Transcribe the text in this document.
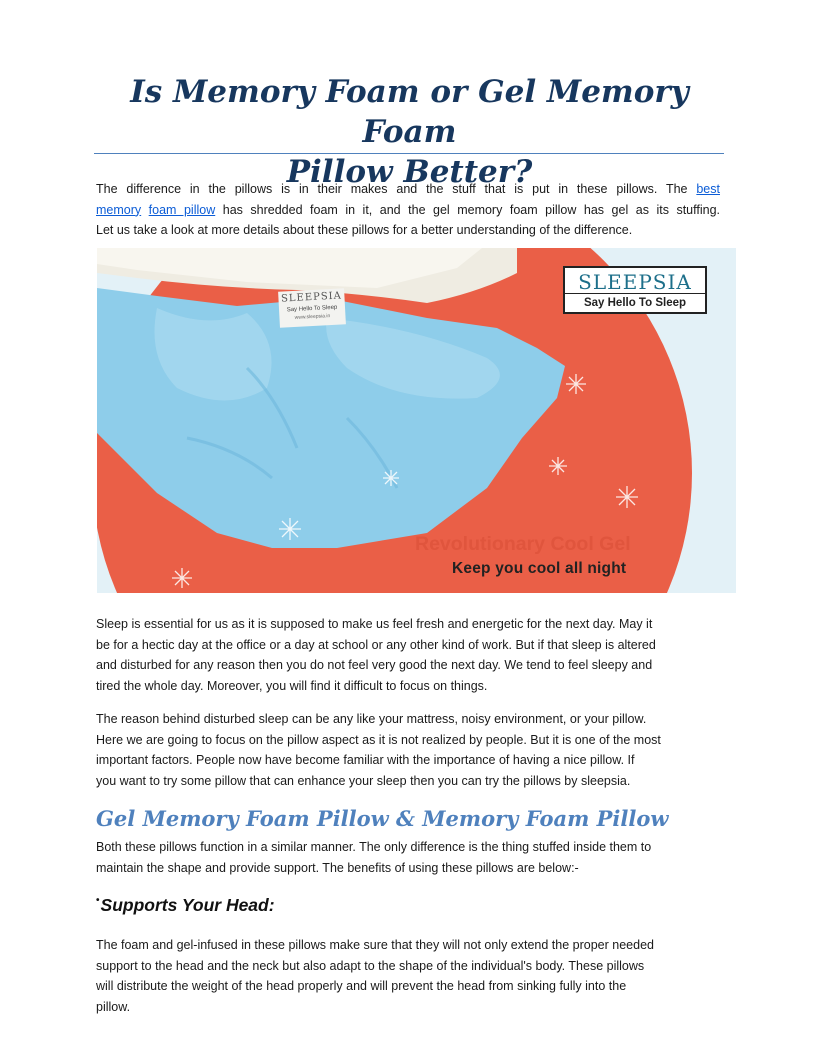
Is Memory Foam or Gel Memory Foam
Pillow Better?

The difference in the pillows is in their makes and the stuff that is put in these pillows. The best
memory foam pillow has shredded foam in it, and the gel memory foam pillow has gel as its stuffing.
Let us take a look at more details about these pillows for a better understanding of the difference.

SLEEPSIA
Say Hello To Sleep
www.sleepsia.in
SLEEPSIA
Say Hello To Sleep
Revolutionary Cool Gel
Keep you cool all night

Sleep is essential for us as it is supposed to make us feel fresh and energetic for the next day. May it
be for a hectic day at the office or a day at school or any other kind of work. But if that sleep is altered
and disturbed for any reason then you do not feel very good the next day. We tend to feel sleepy and
tired the whole day. Moreover, you will find it difficult to focus on things.

The reason behind disturbed sleep can be any like your mattress, noisy environment, or your pillow.
Here we are going to focus on the pillow aspect as it is not realized by people. But it is one of the most
important factors. People now have become familiar with the importance of having a nice pillow. If
you want to try some pillow that can enhance your sleep then you can try the pillows by sleepsia.

Gel Memory Foam Pillow & Memory Foam Pillow

Both these pillows function in a similar manner. The only difference is the thing stuffed inside them to
maintain the shape and provide support. The benefits of using these pillows are below:-

•Supports Your Head:

The foam and gel-infused in these pillows make sure that they will not only extend the proper needed
support to the head and the neck but also adapt to the shape of the individual's body. These pillows
will distribute the weight of the head properly and will prevent the head from sinking fully into the
pillow.
